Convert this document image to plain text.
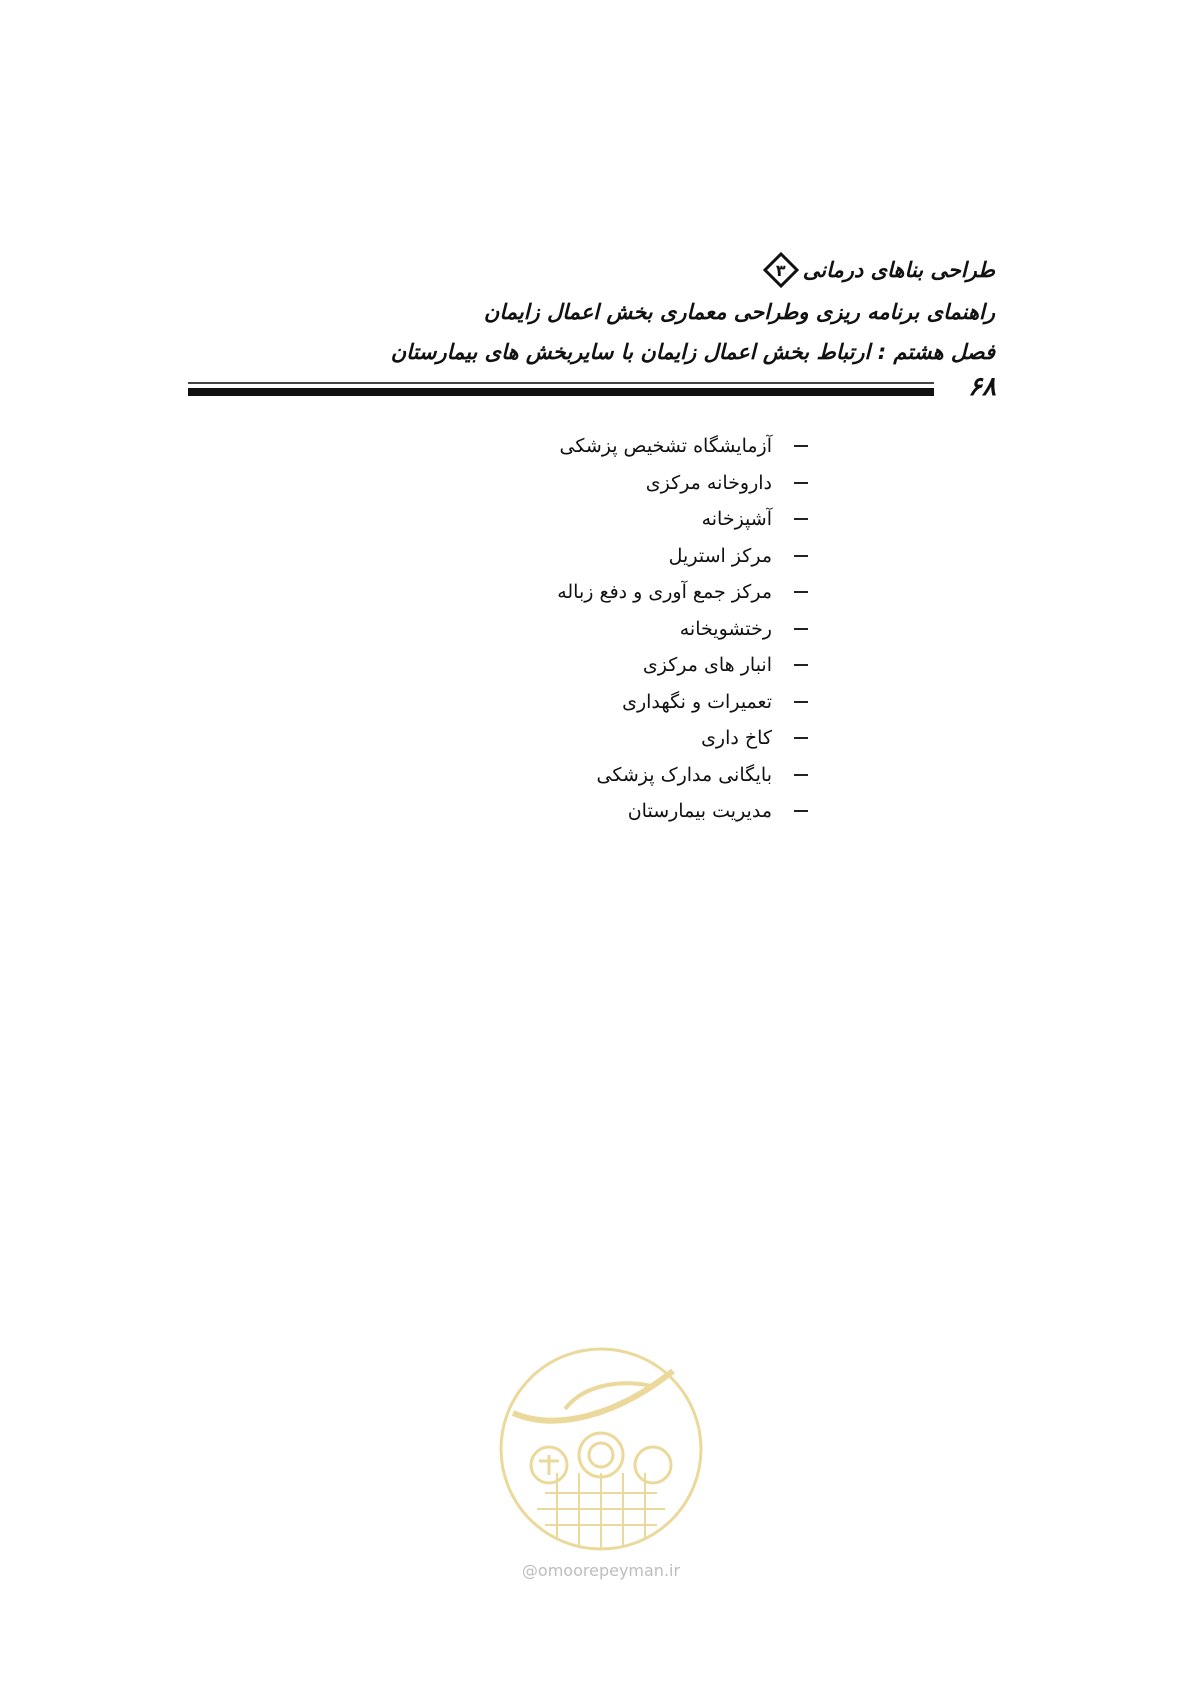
طراحی بناهای درمانی
۳
راهنمای برنامه ریزی وطراحی معماری بخش اعمال زایمان
فصل هشتم : ارتباط بخش اعمال زایمان با سایربخش های بیمارستان
۶۸
آزمایشگاه تشخیص پزشکی
داروخانه مرکزی
آشپزخانه
مرکز استریل
مرکز جمع آوری و دفع زباله
رختشویخانه
انبار های مرکزی
تعمیرات و نگهداری
کاخ داری
بایگانی مدارک پزشکی
مدیریت بیمارستان
@omoorepeyman.ir
